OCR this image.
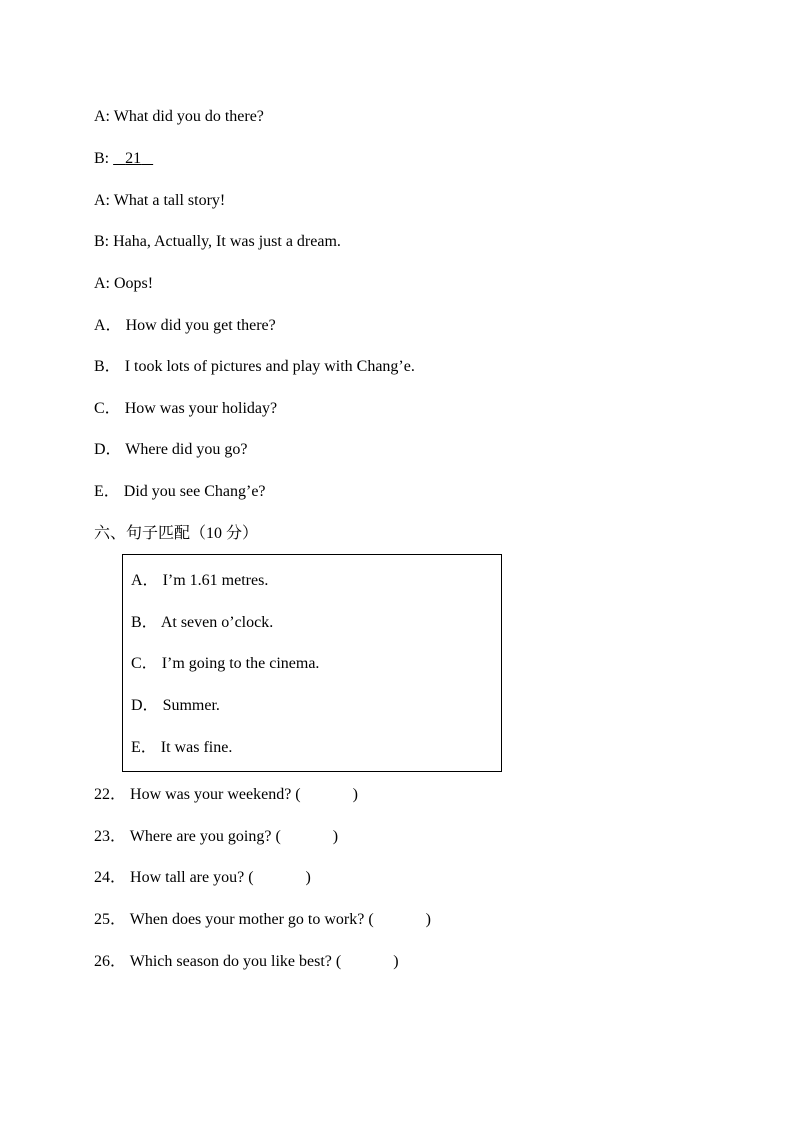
A: What did you do there?
B: 21
A: What a tall story!
B: Haha, Actually, It was just a dream.
A: Oops!
A． How did you get there?
B． I took lots of pictures and play with Chang’e.
C． How was your holiday?
D． Where did you go?
E． Did you see Chang’e?
六、句子匹配（10 分）
A． I’m 1.61 metres.
B． At seven o’clock.
C． I’m going to the cinema.
D． Summer.
E． It was fine.
22． How was your weekend? (	)
23． Where are you going? (	)
24． How tall are you? (	)
25． When does your mother go to work? (	)
26． Which season do you like best? (	)
